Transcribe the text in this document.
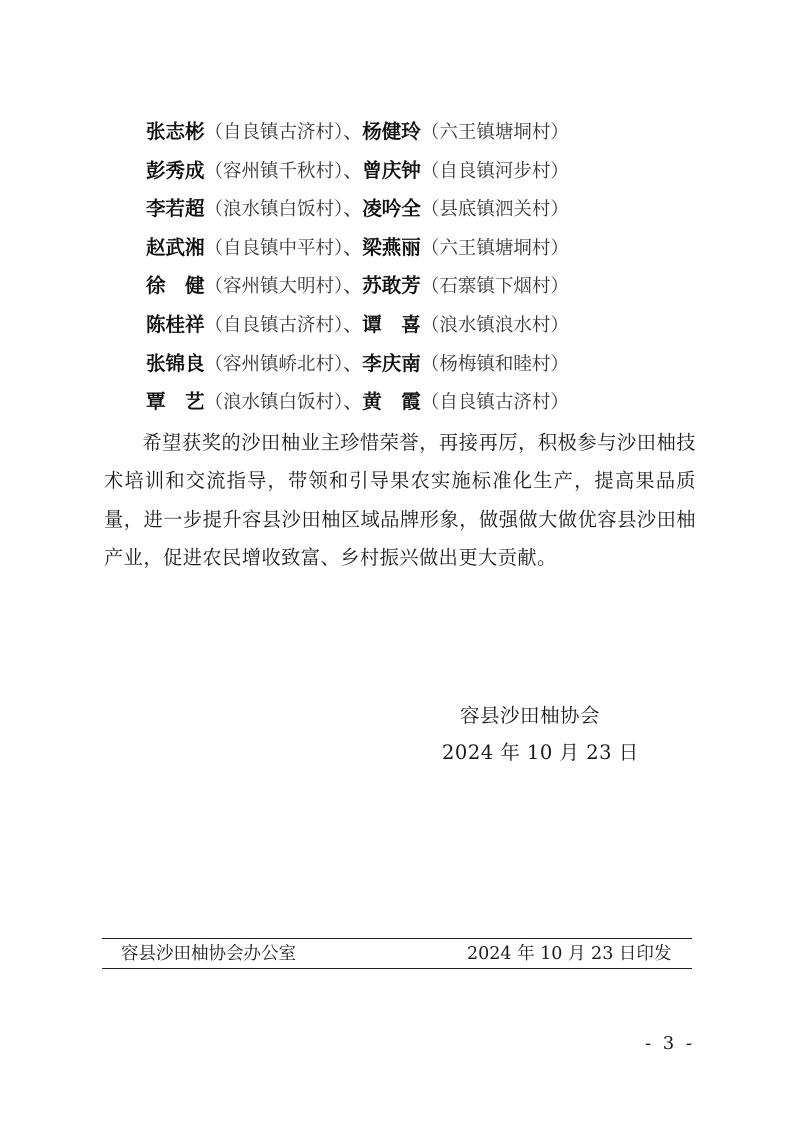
张志彬（自良镇古济村）、杨健玲（六王镇塘垌村）
彭秀成（容州镇千秋村）、曾庆钟（自良镇河步村）
李若超（浪水镇白饭村）、凌吟全（县底镇泗关村）
赵武湘（自良镇中平村）、梁燕丽（六王镇塘垌村）
徐　健（容州镇大明村）、苏敢芳（石寨镇下烟村）
陈桂祥（自良镇古济村）、谭　喜（浪水镇浪水村）
张锦良（容州镇峤北村）、李庆南（杨梅镇和睦村）
覃　艺（浪水镇白饭村）、黄　霞（自良镇古济村）

希望获奖的沙田柚业主珍惜荣誉，再接再厉，积极参与沙田柚技术培训和交流指导，带领和引导果农实施标准化生产，提高果品质量，进一步提升容县沙田柚区域品牌形象，做强做大做优容县沙田柚产业，促进农民增收致富、乡村振兴做出更大贡献。

容县沙田柚协会
2024 年 10 月 23 日
容县沙田柚协会办公室	2024 年 10 月 23 日印发
- 3 -
